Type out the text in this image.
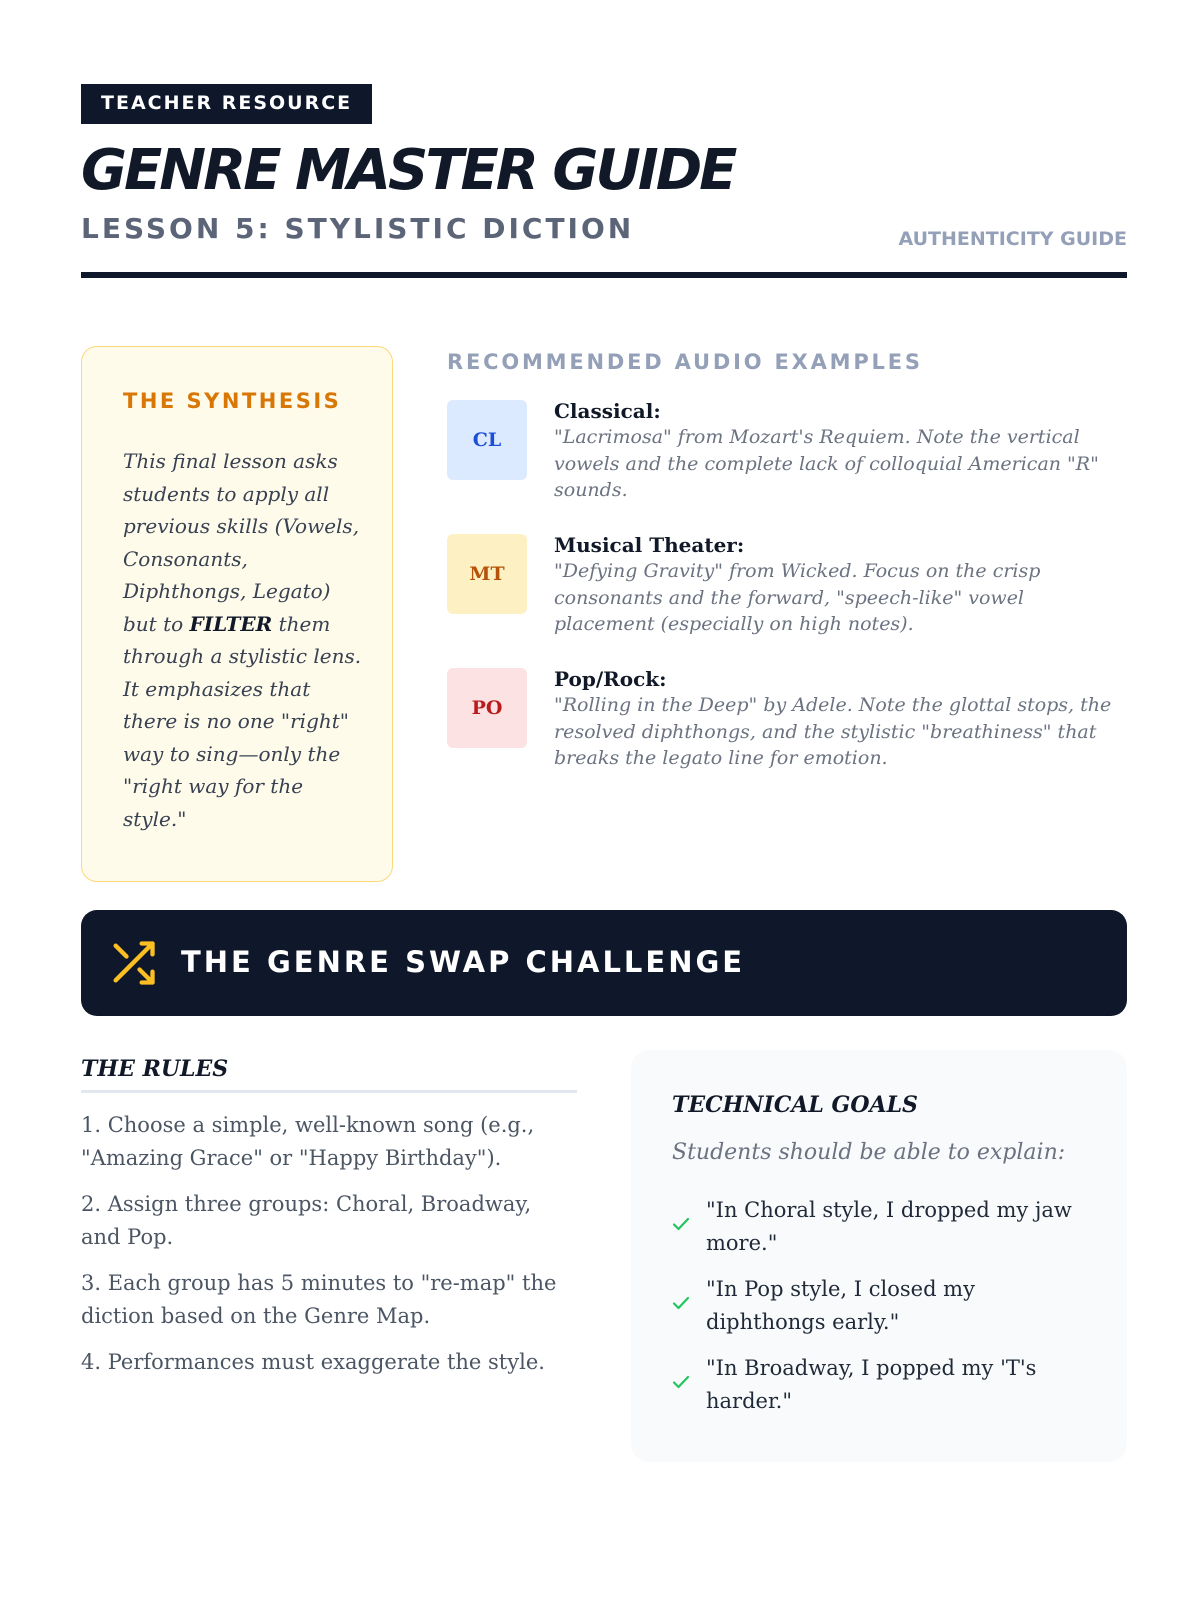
TEACHER RESOURCE
GENRE MASTER GUIDE
LESSON 5: STYLISTIC DICTION	AUTHENTICITY GUIDE
THE SYNTHESIS

This final lesson asks students to apply all previous skills (Vowels, Consonants, Diphthongs, Legato) but to FILTER them through a stylistic lens. It emphasizes that there is no one "right" way to sing—only the "right way for the style."

RECOMMENDED AUDIO EXAMPLES
CL
Classical:
"Lacrimosa" from Mozart's Requiem. Note the vertical vowels and the complete lack of colloquial American "R" sounds.
MT
Musical Theater:
"Defying Gravity" from Wicked. Focus on the crisp consonants and the forward, "speech-like" vowel placement (especially on high notes).
PO
Pop/Rock:
"Rolling in the Deep" by Adele. Note the glottal stops, the resolved diphthongs, and the stylistic "breathiness" that breaks the legato line for emotion.
THE GENRE SWAP CHALLENGE
THE RULES
1. Choose a simple, well-known song (e.g., "Amazing Grace" or "Happy Birthday").
2. Assign three groups: Choral, Broadway, and Pop.
3. Each group has 5 minutes to "re-map" the diction based on the Genre Map.
4. Performances must exaggerate the style.
TECHNICAL GOALS

Students should be able to explain:

"In Choral style, I dropped my jaw more."
"In Pop style, I closed my diphthongs early."
"In Broadway, I popped my 'T's harder."
